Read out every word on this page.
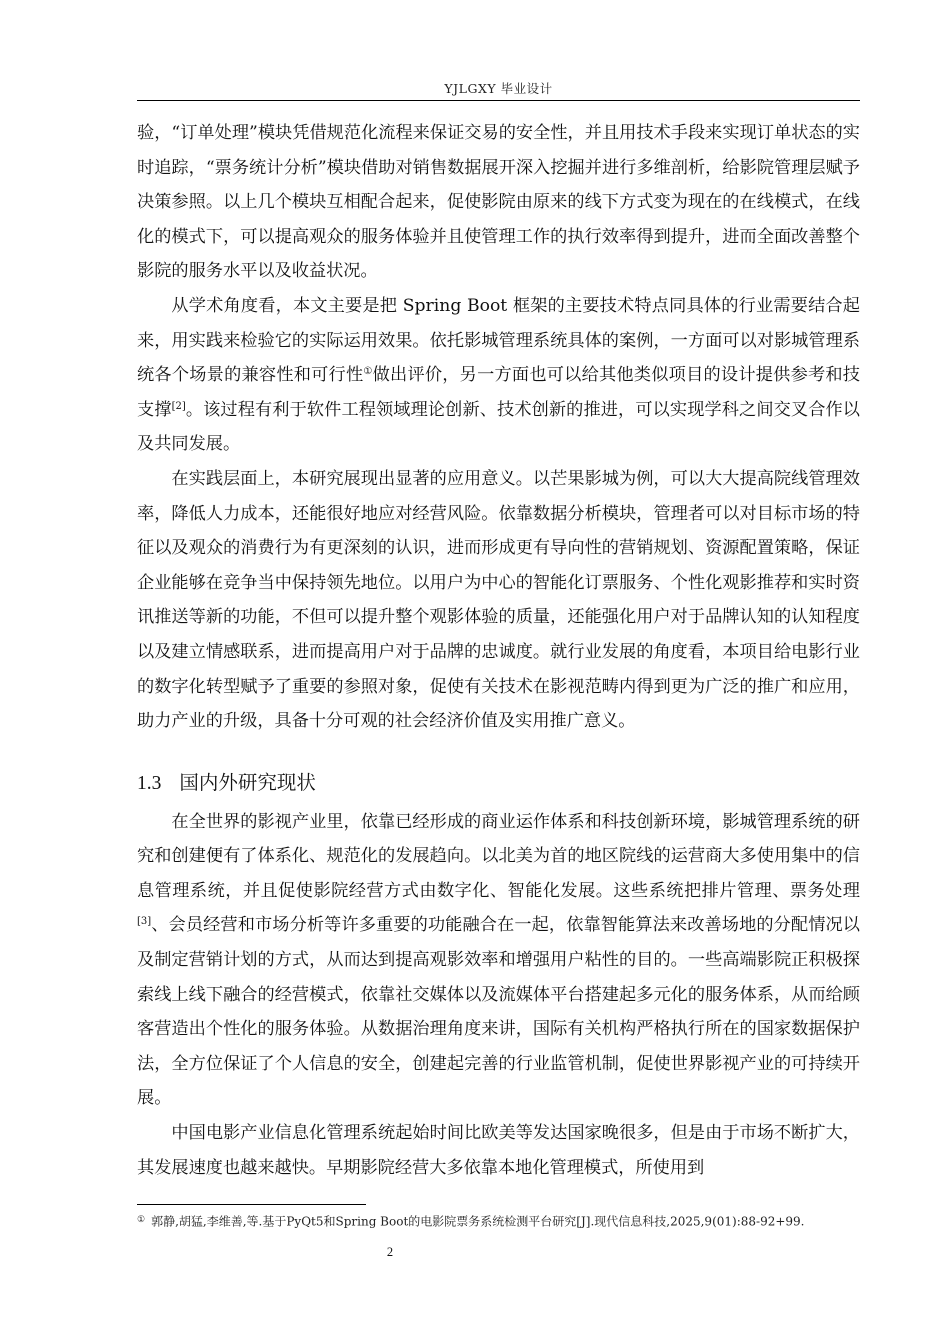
YJLGXY 毕业设计

验，“订单处理”模块凭借规范化流程来保证交易的安全性，并且用技术手段来实现订单状态的实时追踪，“票务统计分析”模块借助对销售数据展开深入挖掘并进行多维剖析，给影院管理层赋予决策参照。以上几个模块互相配合起来，促使影院由原来的线下方式变为现在的在线模式，在线化的模式下，可以提高观众的服务体验并且使管理工作的执行效率得到提升，进而全面改善整个影院的服务水平以及收益状况。

从学术角度看，本文主要是把 Spring Boot 框架的主要技术特点同具体的行业需要结合起来，用实践来检验它的实际运用效果。依托影城管理系统具体的案例，一方面可以对影城管理系统各个场景的兼容性和可行性①做出评价，另一方面也可以给其他类似项目的设计提供参考和技支撑[2]。该过程有利于软件工程领域理论创新、技术创新的推进，可以实现学科之间交叉合作以及共同发展。

在实践层面上，本研究展现出显著的应用意义。以芒果影城为例，可以大大提高院线管理效率，降低人力成本，还能很好地应对经营风险。依靠数据分析模块，管理者可以对目标市场的特征以及观众的消费行为有更深刻的认识，进而形成更有导向性的营销规划、资源配置策略，保证企业能够在竞争当中保持领先地位。以用户为中心的智能化订票服务、个性化观影推荐和实时资讯推送等新的功能，不但可以提升整个观影体验的质量，还能强化用户对于品牌认知的认知程度以及建立情感联系，进而提高用户对于品牌的忠诚度。就行业发展的角度看，本项目给电影行业的数字化转型赋予了重要的参照对象，促使有关技术在影视范畴内得到更为广泛的推广和应用，助力产业的升级，具备十分可观的社会经济价值及实用推广意义。

1.3 国内外研究现状

在全世界的影视产业里，依靠已经形成的商业运作体系和科技创新环境，影城管理系统的研究和创建便有了体系化、规范化的发展趋向。以北美为首的地区院线的运营商大多使用集中的信息管理系统，并且促使影院经营方式由数字化、智能化发展。这些系统把排片管理、票务处理[3]、会员经营和市场分析等许多重要的功能融合在一起，依靠智能算法来改善场地的分配情况以及制定营销计划的方式，从而达到提高观影效率和增强用户粘性的目的。一些高端影院正积极探索线上线下融合的经营模式，依靠社交媒体以及流媒体平台搭建起多元化的服务体系，从而给顾客营造出个性化的服务体验。从数据治理角度来讲，国际有关机构严格执行所在的国家数据保护法，全方位保证了个人信息的安全，创建起完善的行业监管机制，促使世界影视产业的可持续开展。

中国电影产业信息化管理系统起始时间比欧美等发达国家晚很多，但是由于市场不断扩大，其发展速度也越来越快。早期影院经营大多依靠本地化管理模式，所使用到

① 郭静,胡猛,李维善,等.基于PyQt5和Spring Boot的电影院票务系统检测平台研究[J].现代信息科技,2025,9(01):88-92+99.
2
